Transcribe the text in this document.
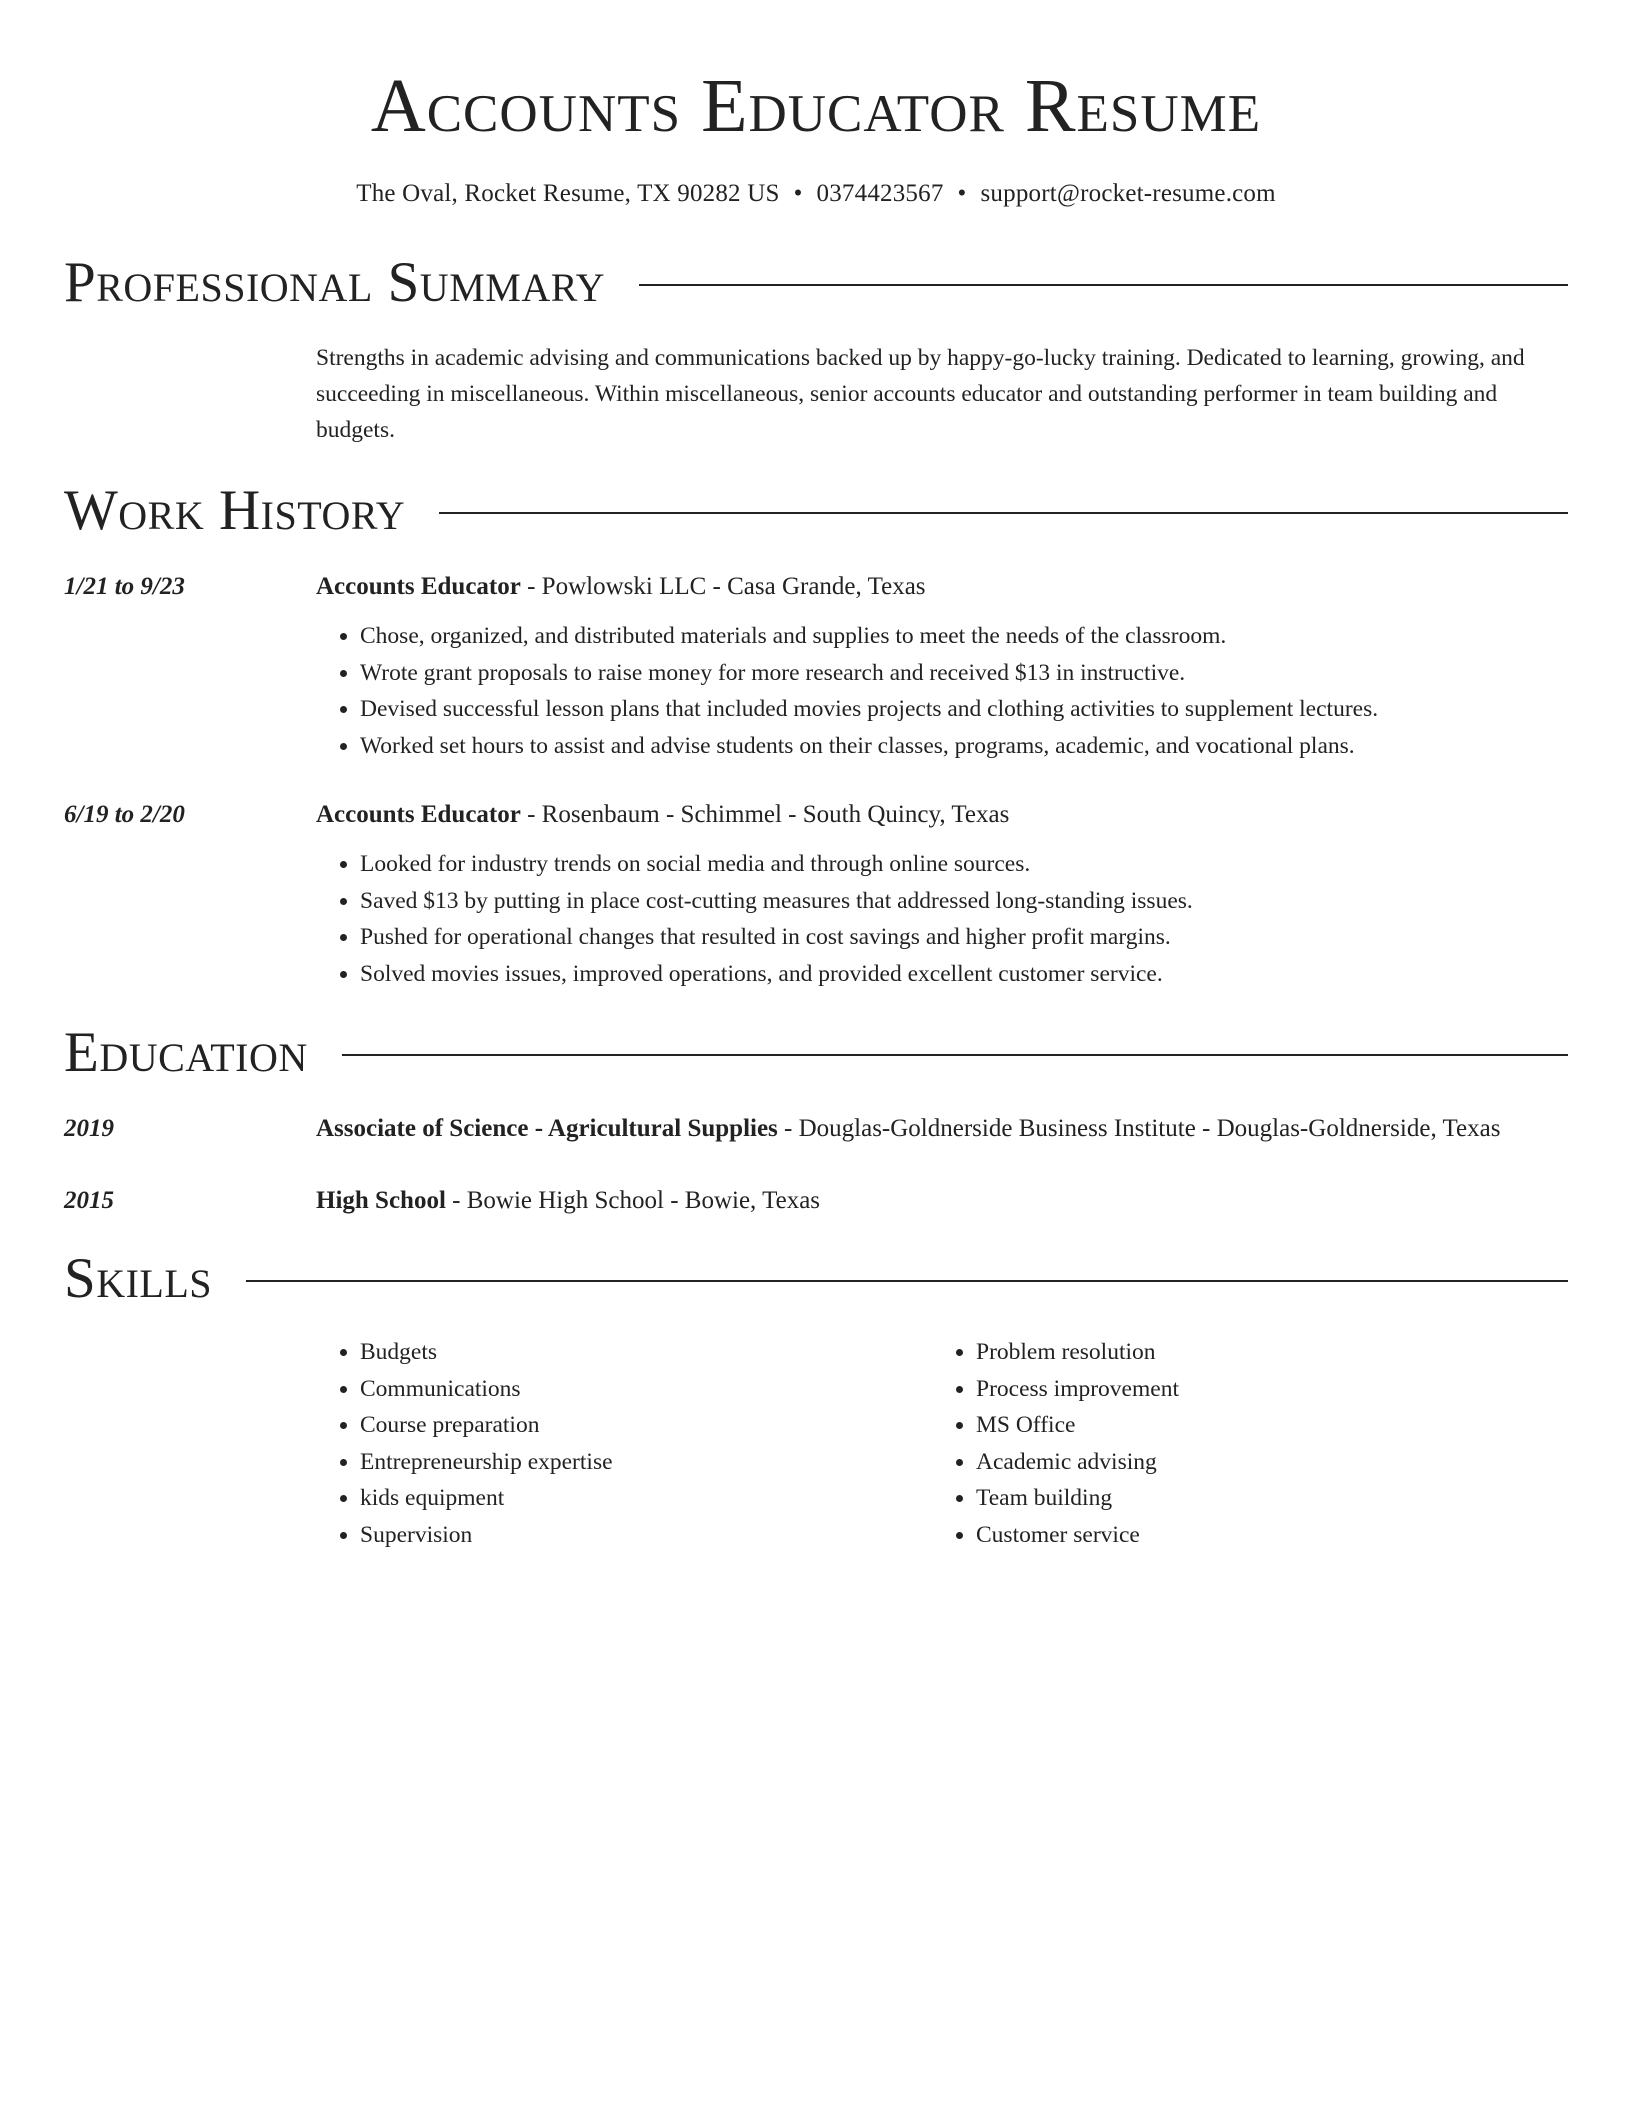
Accounts Educator Resume
The Oval, Rocket Resume, TX 90282 US • 0374423567 • support@rocket-resume.com
Professional Summary
Strengths in academic advising and communications backed up by happy-go-lucky training. Dedicated to learning, growing, and succeeding in miscellaneous. Within miscellaneous, senior accounts educator and outstanding performer in team building and budgets.
Work History
1/21 to 9/23	Accounts Educator - Powlowski LLC - Casa Grande, Texas
• Chose, organized, and distributed materials and supplies to meet the needs of the classroom.
• Wrote grant proposals to raise money for more research and received $13 in instructive.
• Devised successful lesson plans that included movies projects and clothing activities to supplement lectures.
• Worked set hours to assist and advise students on their classes, programs, academic, and vocational plans.
6/19 to 2/20	Accounts Educator - Rosenbaum - Schimmel - South Quincy, Texas
• Looked for industry trends on social media and through online sources.
• Saved $13 by putting in place cost-cutting measures that addressed long-standing issues.
• Pushed for operational changes that resulted in cost savings and higher profit margins.
• Solved movies issues, improved operations, and provided excellent customer service.
Education
2019	Associate of Science - Agricultural Supplies - Douglas-Goldnerside Business Institute - Douglas-Goldnerside, Texas
2015	High School - Bowie High School - Bowie, Texas
Skills
• Budgets
• Communications
• Course preparation
• Entrepreneurship expertise
• kids equipment
• Supervision
• Problem resolution
• Process improvement
• MS Office
• Academic advising
• Team building
• Customer service
